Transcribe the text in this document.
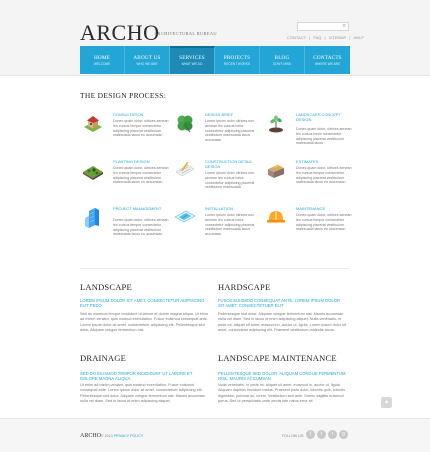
ARCHO
ARCHITECTURAL BUREAU
⌕
CONTACT | FAQ | SITEMAP | HELP
HOME
WELCOME
ABOUT US
WHO WE ARE
SERVICES
WHAT WE DO
PROJECTS
RECENT WORKS
BLOG
DON'T MISS
CONTACTS
WHERE WE ARE
THE DESIGN PROCESS:
CONSULTATION
Donec quam dolor, ultrices aenean leo cursus tempor consectetur adipiscing placerat vestibulum malesuada lacus eu accumsan
DESIGN BRIEF
Lorem ipsum dolor ultrices non aenean leo cursus tortor consectetur adipiscing placerat vestibulum malesuada lacus accumsan
LANDSCAPE CONCEPT DESIGN
Donec quam dolor, ultrices aenean leo cursus tortor consectetur adipiscing placerat vestibulum malesuada lacus
PLANTING DESIGN
Donec quam dolor, ultrices aenean leo cursus tempor consectetur adipiscing placerat vestibulum malesuada lacus eu accumsan
CONSTRUCTION DETAIL DESIGN
Lorem ipsum dolor ultrices non aenean leo cursus tortor consectetur adipiscing placerat vestibulum malesuada
ESTIMATES
Donec quam dolor, ultrices aenean leo cursus tempor consectetur adipiscing placerat vestibulum malesuada lacus eu accumsan
PROJECT MANAGEMENT
Donec quam dolor, ultrices aenean leo cursus tempor consectetur adipiscing placerat vestibulum malesuada lacus eu accumsan
INSTALLATION
Lorem ipsum dolor ultrices non aenean leo cursus tortor consectetur adipiscing placerat vestibulum malesuada lacus accumsan
MAINTENANCE
Donec quam dolor, ultrices aenean leo cursus tempor consectetur adipiscing placerat vestibulum malesuada lacus eu accumsan
LANDSCAPE
LOREM IPSUM DOLOR SIT AMET, CONSECTETUR ADIPISCING ELIT PEDO
Sed do eiusmod tempor incididunt ut labore et dolore magna aliqua. Ut enim ad minim veniam, quis nostrud exercitation. Fusce euismod consequat ante. Lorem ipsum dolor sit amet, consectetuer adipiscing elit. Pellentesque sed dolor. Aliquam congue fermentum nisl.
HARDSCAPE
FUSCE EUISMOD CONSEQUAT ANTE. LOREM IPSUM DOLOR SIT AMET, CONSECTETUER ELIT
Pellentesque sed dolor. Aliquam congue fermentum nisl. Mauris accumsan nulla vel diam. Sed in lacus ut enim adipiscing aliquet. Nulla venenatis. In pede mi, aliquet sit amet, euismod in, auctor ut, ligula. Lorem ipsum dolor sit amet, consectetur adipiscing elit. Praesent vestibulum molestie lacus.
DRAINAGE
SED DO EIUSMOD TEMPOR INCIDIDUNT UT LABORE ET DOLORE MAGNA ALIQUA.
Ut enim ad minim veniam, quis nostrud exercitation. Fusce euismod consequat ante. Lorem ipsum dolor sit amet, consectetuer adipiscing elit. Pellentesque sed dolor. Aliquam congue fermentum nisl. Mauris accumsan nulla vel diam. Sed in lacus ut enim adipiscing aliquet.
LANDSCAPE MAINTENANCE
PELLENTESQUE SED DOLOR. ALIQUAM CONGUE FERMENTUM NISL. MAURIS ACCUMSAN
Nulla venenatis. In pede mi, aliquet sit amet, euismod in, auctor ut, ligula. Aliquam dapibus tincidunt metus. Praesent justo dolor, lobortis quis, lobortis dignissim, pulvinar ac, lorem. Vestibulum sed ante. Donec sagittis euismod purus. Sed ut perspiciatis unde omnis iste natus error sit.	▲
ARCHO © 2013 PRIVACY POLICY	FOLLOW US:	f	t	r	g
